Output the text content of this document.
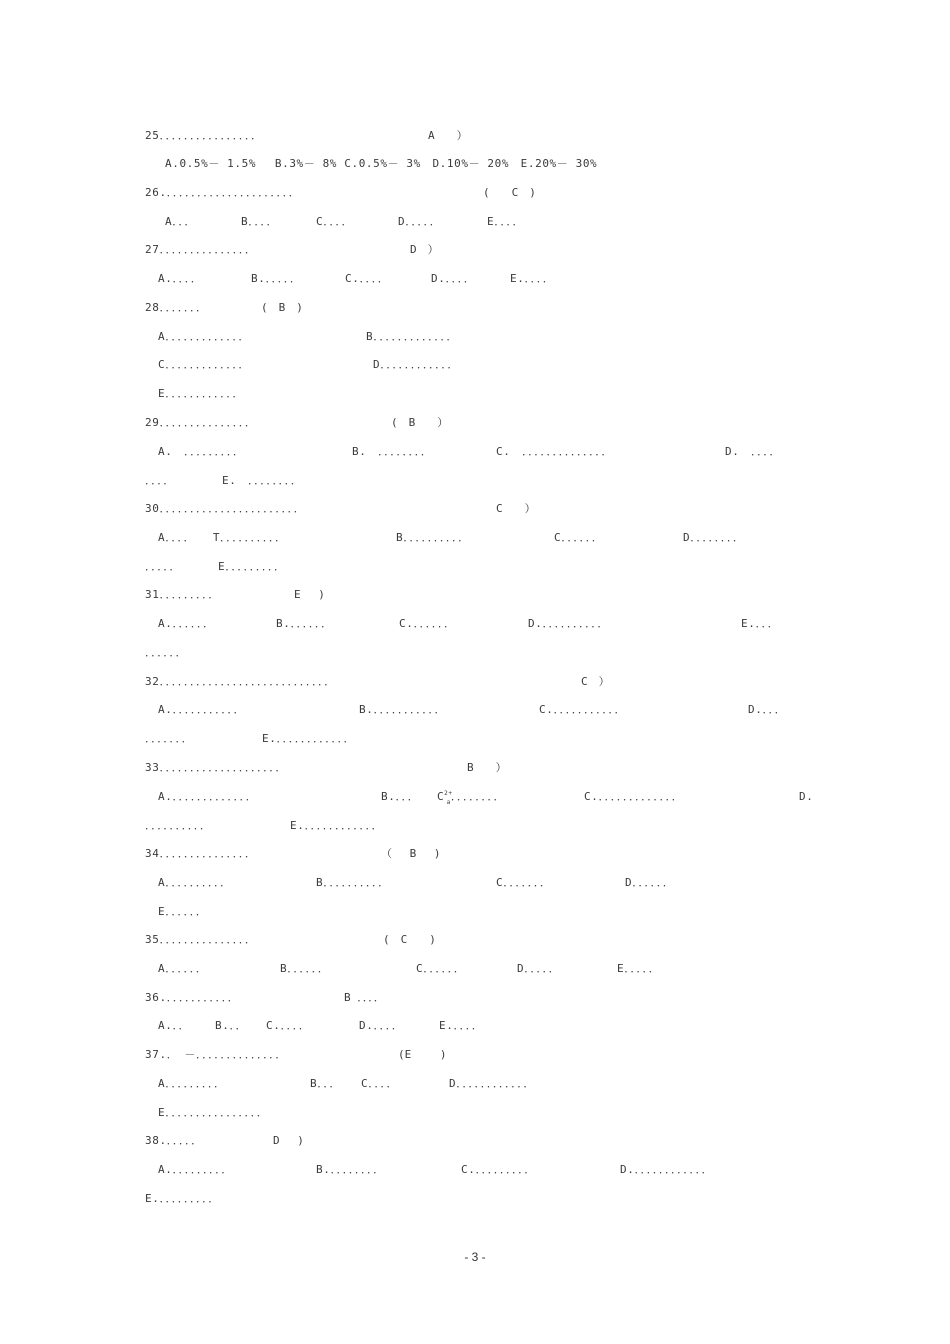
25．．．．．．．．．．．．．．．．	A　　）
A.0.5%－ 1.5%　 B.3%－ 8% C.0.5%－ 3%　D.10%－ 20%　E.20%－ 30%
26.．．．．．．．．．．．．．．．．．．．．．	(　　C　)
A．．．	B．．．．	C．．．．	D．．．．．	E．．．．
27．．．．．．．．．．．．．．．	D　）
A.．．．．	B.．．．．．	C.．．．．	D.．．．．	E.．．．．
28．．．．．．．	(　B　)
A．．．．．．．．．．．．．	B．．．．．．．．．．．．．
C．．．．．．．．．．．．．	D．．．．．．．．．．．．
E．．．．．．．．．．．．
29．．．．．．．．．．．．．．．	(　B　　）
A.　．．．．．．．．．	B.　．．．．．．．．	C.　．．．．．．．．．．．．．．	D.　．．．．
．．．．	E.　．．．．．．．．
30．．．．．．．．．．．．．．．．．．．．．．．	C　　）
A．．．．　　T．．．．．．．．．．	B．．．．．．．．．．	C．．．．．．	D．．．．．．．．
．．．．．	E．．．．．．．．．
31．．．．．．．．．	E　 )
A.．．．．．．	B.．．．．．．	C.．．．．．．	D.．．．．．．．．．．	E.．．．
．．．．．．
32．．．．．．．．．．．．．．．．．．．．．．．．．．．．	C　）
A.．．．．．．．．．．．	B.．．．．．．．．．．．	C.．．．．．．．．．．．	D.．．．
．．．．．．．	E.．．．．．．．．．．．．
33．．．．．．．．．．．．．．．．．．．．	B　　）
A.．．．．．．．．．．．．．	B.．．．　　$C^{2+}_a$．．．．．．．．	C.．．．．．．．．．．．．．	D.
．．．．．．．．．．	E.．．．．．．．．．．．．
34．．．．．．．．．．．．．．．	（　 B　 )
A．．．．．．．．．．	B．．．．．．．．．．	C．．．．．．．	D．．．．．．
E．．．．．．
35．．．．．．．．．．．．．．．	(　C　　)
A．．．．．．	B．．．．．．	C．．．．．．	D．．．．．	E．．．．．
36.．．．．．．．．．．．	B ．．．．
A.．． B.．． C.．．．．	D.．．．．	E.．．．．
37.．　－．．．．．．．．．．．．．．	(E　　 )
A．．．．．．．．．	B．．． C．．．．	D．．．．．．．．．．．．
E．．．．．．．．．．．．．．．．
38.．．．．．	D　 )
A.．．．．．．．．．	B.．．．．．．．．	C.．．．．．．．．．	D.．．．．．．．．．．．．
E.．．．．．．．．．
- 3 -
